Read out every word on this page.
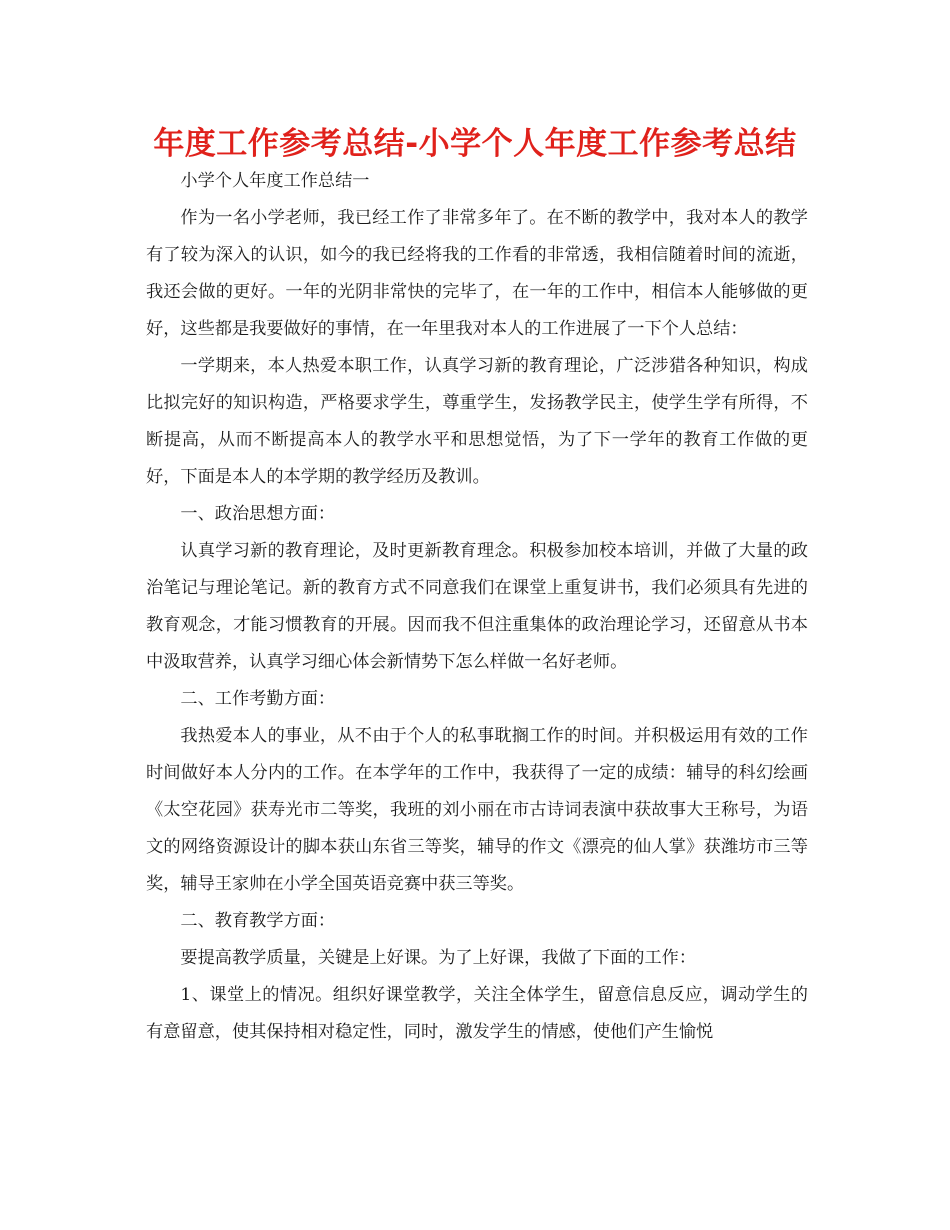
年度工作参考总结-小学个人年度工作参考总结

小学个人年度工作总结一

作为一名小学老师，我已经工作了非常多年了。在不断的教学中，我对本人的教学有了较为深入的认识，如今的我已经将我的工作看的非常透，我相信随着时间的流逝，我还会做的更好。一年的光阴非常快的完毕了，在一年的工作中，相信本人能够做的更好，这些都是我要做好的事情，在一年里我对本人的工作进展了一下个人总结：

一学期来，本人热爱本职工作，认真学习新的教育理论，广泛涉猎各种知识，构成比拟完好的知识构造，严格要求学生，尊重学生，发扬教学民主，使学生学有所得，不断提高，从而不断提高本人的教学水平和思想觉悟，为了下一学年的教育工作做的更好，下面是本人的本学期的教学经历及教训。

一、政治思想方面：

认真学习新的教育理论，及时更新教育理念。积极参加校本培训，并做了大量的政治笔记与理论笔记。新的教育方式不同意我们在课堂上重复讲书，我们必须具有先进的教育观念，才能习惯教育的开展。因而我不但注重集体的政治理论学习，还留意从书本中汲取营养，认真学习细心体会新情势下怎么样做一名好老师。

二、工作考勤方面：

我热爱本人的事业，从不由于个人的私事耽搁工作的时间。并积极运用有效的工作时间做好本人分内的工作。在本学年的工作中，我获得了一定的成绩：辅导的科幻绘画《太空花园》获寿光市二等奖，我班的刘小丽在市古诗词表演中获故事大王称号，为语文的网络资源设计的脚本获山东省三等奖，辅导的作文《漂亮的仙人掌》获潍坊市三等奖，辅导王家帅在小学全国英语竞赛中获三等奖。

二、教育教学方面：

要提高教学质量，关键是上好课。为了上好课，我做了下面的工作：

1、课堂上的情况。组织好课堂教学，关注全体学生，留意信息反应，调动学生的有意留意，使其保持相对稳定性，同时，激发学生的情感，使他们产生愉悦
